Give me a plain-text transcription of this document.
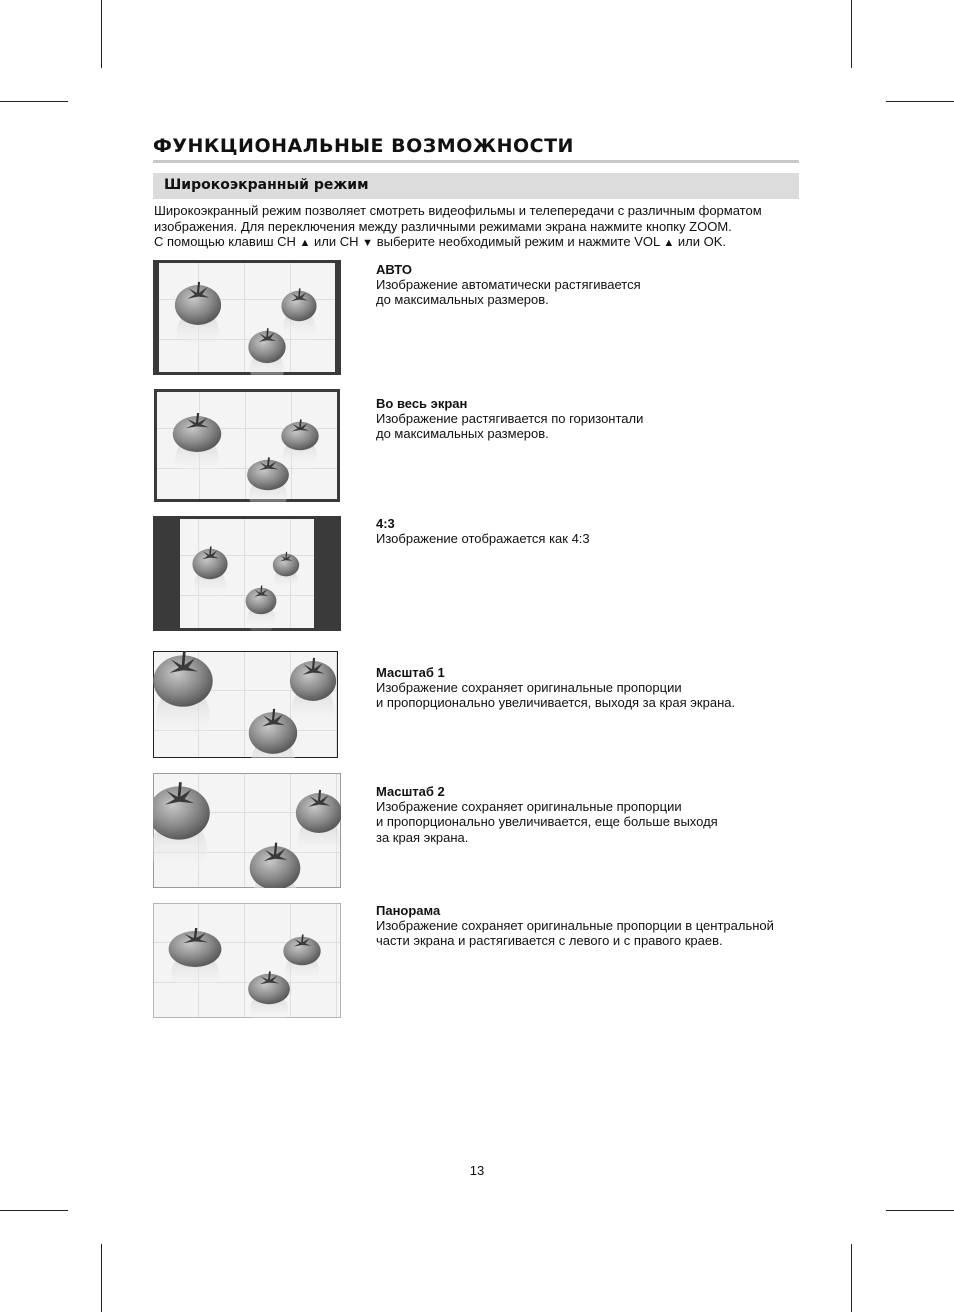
ФУНКЦИОНАЛЬНЫЕ ВОЗМОЖНОСТИ
Широкоэкранный режим

Широкоэкранный режим позволяет смотреть видеофильмы и телепередачи с различным форматом

изображения. Для переключения между различными режимами экрана нажмите кнопку ZOOM.

С помощью клавиш CH ▲ или CH ▼ выберите необходимый режим и нажмите VOL ▲ или OK.

АВТО
Изображение автоматически растягивается
до максимальных размеров.
Во весь экран
Изображение растягивается по горизонтали
до максимальных размеров.
4:3
Изображение отображается как 4:3
Масштаб 1
Изображение сохраняет оригинальные пропорции
и пропорционально увеличивается, выходя за края экрана.
Масштаб 2
Изображение сохраняет оригинальные пропорции
и пропорционально увеличивается, еще больше выходя
за края экрана.
Панорама
Изображение сохраняет оригинальные пропорции в центральной
части экрана и растягивается с левого и с правого краев.
13
